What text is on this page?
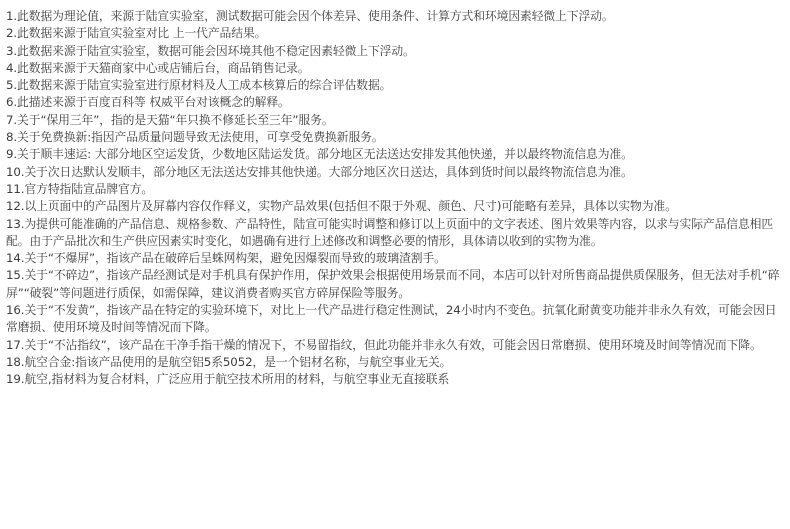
1.此数据为理论值，来源于陆宣实验室，测试数据可能会因个体差异、使用条件、计算方式和环境因素轻微上下浮动。

2.此数据来源于陆宣实验室对比 上一代产品结果。

3.此数据来源于陆宣实验室，数据可能会因环境其他不稳定因素轻微上下浮动。

4.此数据来源于天猫商家中心或店铺后台，商品销售记录。

5.此数据来源于陆宣实验室进行原材料及人工成本核算后的综合评估数据。

6.此描述来源于百度百科等 权威平台对该概念的解释。

7.关于“保用三年”，指的是天猫“年只换不修延长至三年”服务。

8.关于免费换新:指因产品质量问题导致无法使用，可享受免费换新服务。

9.关于顺丰速运: 大部分地区空运发货，少数地区陆运发货。部分地区无法送达安排发其他快递，并以最终物流信息为准。

10.关于次日达默认发顺丰，部分地区无法送达安排其他快递。大部分地区次日送达，具体到货时间以最终物流信息为准。

11.官方特指陆宣品牌官方。

12.以上页面中的产品图片及屏幕内容仅作释义，实物产品效果(包括但不限于外观、颜色、尺寸)可能略有差异，具体以实物为准。

13.为提供可能准确的产品信息、规格参数、产品特性，陆宣可能实时调整和修订以上页面中的文字表述、图片效果等内容，以求与实际产品信息相匹配。由于产品批次和生产供应因素实时变化，如遇确有进行上述修改和调整必要的情形，具体请以收到的实物为准。

14.关于“不爆屏”，指该产品在破碎后呈蛛网构架，避免因爆裂而导致的玻璃渣割手。

15.关于“不碎边”，指该产品经测试是对手机具有保护作用，保护效果会根据使用场景而不同，本店可以针对所售商品提供质保服务，但无法对手机“碎屏”“破裂”等问题进行质保，如需保障，建议消费者购买官方碎屏保险等服务。

16.关于“不发黄”，指该产品在特定的实验环境下，对比上一代产品进行稳定性测试，24小时内不变色。抗氧化耐黄变功能并非永久有效，可能会因日常磨损、使用环境及时间等情况而下降。

17.关于“不沾指纹”，该产品在干净手指干燥的情况下，不易留指纹，但此功能并非永久有效，可能会因日常磨损、使用环境及时间等情况而下降。

18.航空合金:指该产品使用的是航空铝5系5052，是一个铝材名称，与航空事业无关。

19.航空,指材料为复合材料，广泛应用于航空技术所用的材料，与航空事业无直接联系
